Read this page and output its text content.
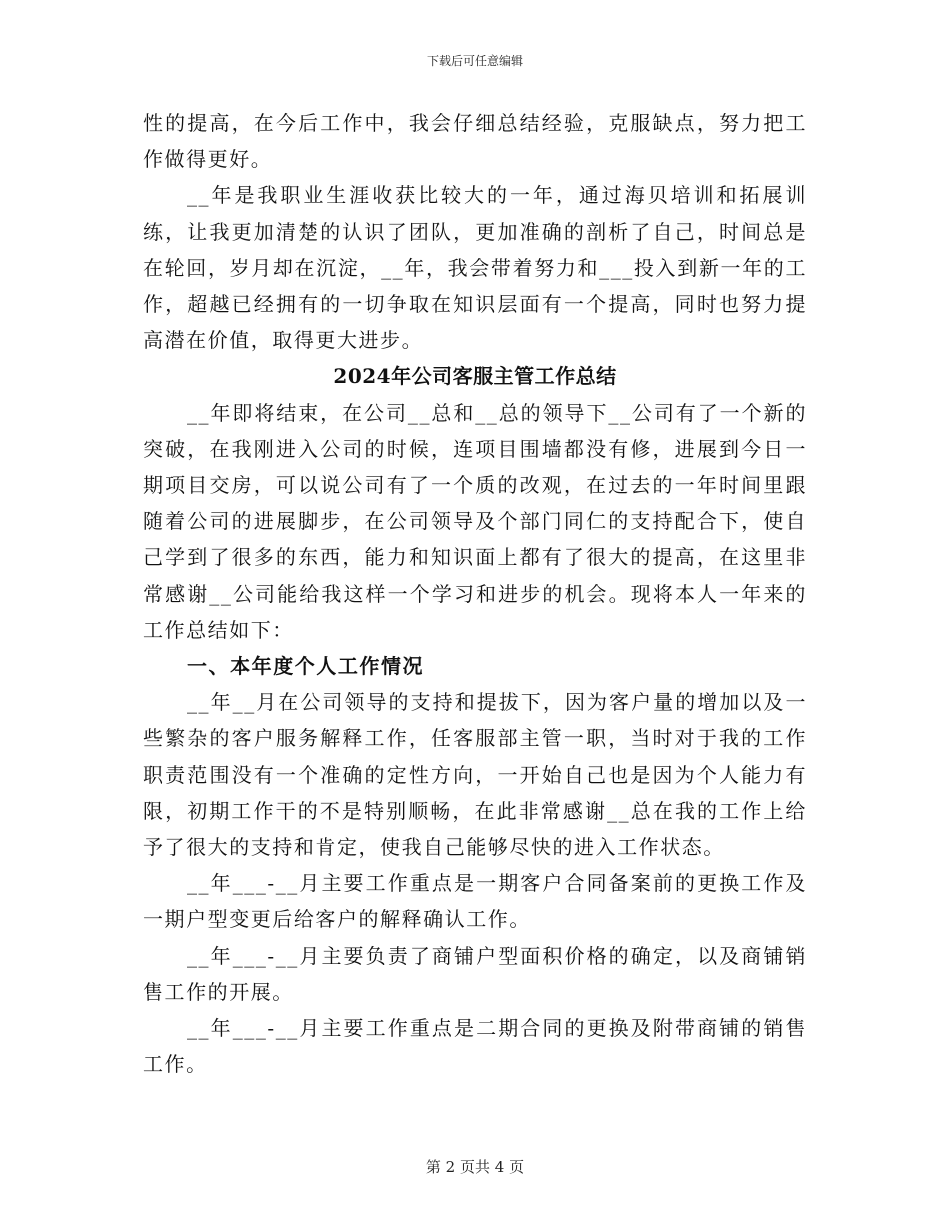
下载后可任意编辑

性的提高，在今后工作中，我会仔细总结经验，克服缺点，努力把工作做得更好。

__年是我职业生涯收获比较大的一年，通过海贝培训和拓展训练，让我更加清楚的认识了团队，更加准确的剖析了自己，时间总是在轮回，岁月却在沉淀，__年，我会带着努力和___投入到新一年的工作，超越已经拥有的一切争取在知识层面有一个提高，同时也努力提高潜在价值，取得更大进步。

2024年公司客服主管工作总结

__年即将结束，在公司__总和__总的领导下__公司有了一个新的突破，在我刚进入公司的时候，连项目围墙都没有修，进展到今日一期项目交房，可以说公司有了一个质的改观，在过去的一年时间里跟随着公司的进展脚步，在公司领导及个部门同仁的支持配合下，使自己学到了很多的东西，能力和知识面上都有了很大的提高，在这里非常感谢__公司能给我这样一个学习和进步的机会。现将本人一年来的工作总结如下：

一、本年度个人工作情况

__年__月在公司领导的支持和提拔下，因为客户量的增加以及一些繁杂的客户服务解释工作，任客服部主管一职，当时对于我的工作职责范围没有一个准确的定性方向，一开始自己也是因为个人能力有限，初期工作干的不是特别顺畅，在此非常感谢__总在我的工作上给予了很大的支持和肯定，使我自己能够尽快的进入工作状态。

__年___-__月主要工作重点是一期客户合同备案前的更换工作及一期户型变更后给客户的解释确认工作。

__年___-__月主要负责了商铺户型面积价格的确定，以及商铺销售工作的开展。

__年___-__月主要工作重点是二期合同的更换及附带商铺的销售工作。

第 2 页共 4 页
